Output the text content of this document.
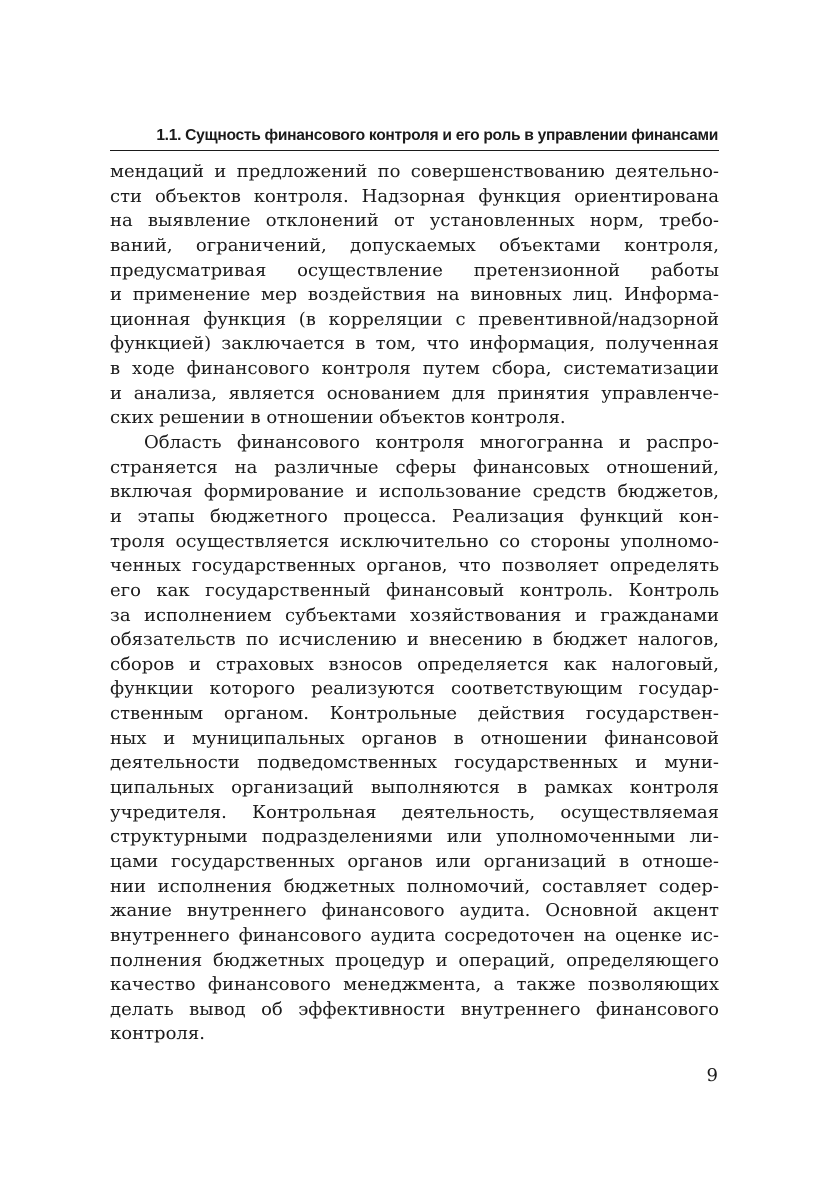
1.1. Сущность финансового контроля и его роль в управлении финансами
мендаций и предложений по совершенствованию деятельно-
сти объектов контроля. Надзорная функция ориентирована
на выявление отклонений от установленных норм, требо-
ваний, ограничений, допускаемых объектами контроля,
предусматривая осуществление претензионной работы
и применение мер воздействия на виновных лиц. Информа-
ционная функция (в корреляции с превентивной/надзорной
функцией) заключается в том, что информация, полученная
в ходе финансового контроля путем сбора, систематизации
и анализа, является основанием для принятия управленче-
ских решении в отношении объектов контроля.
Область финансового контроля многогранна и распро-
страняется на различные сферы финансовых отношений,
включая формирование и использование средств бюджетов,
и этапы бюджетного процесса. Реализация функций кон-
троля осуществляется исключительно со стороны уполномо-
ченных государственных органов, что позволяет определять
его как государственный финансовый контроль. Контроль
за исполнением субъектами хозяйствования и гражданами
обязательств по исчислению и внесению в бюджет налогов,
сборов и страховых взносов определяется как налоговый,
функции которого реализуются соответствующим государ-
ственным органом. Контрольные действия государствен-
ных и муниципальных органов в отношении финансовой
деятельности подведомственных государственных и муни-
ципальных организаций выполняются в рамках контроля
учредителя. Контрольная деятельность, осуществляемая
структурными подразделениями или уполномоченными ли-
цами государственных органов или организаций в отноше-
нии исполнения бюджетных полномочий, составляет содер-
жание внутреннего финансового аудита. Основной акцент
внутреннего финансового аудита сосредоточен на оценке ис-
полнения бюджетных процедур и операций, определяющего
качество финансового менеджмента, а также позволяющих
делать вывод об эффективности внутреннего финансового
контроля.
9
